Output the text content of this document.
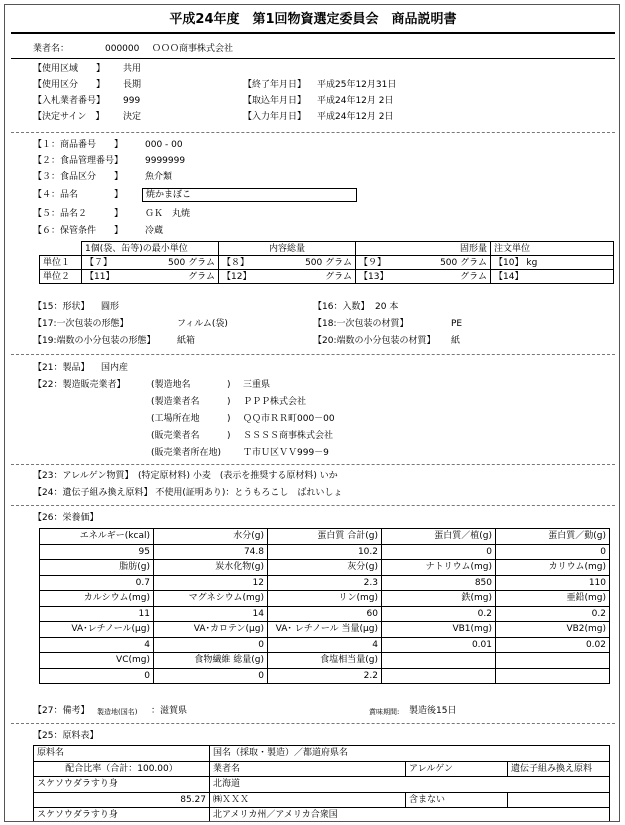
平成24年度　第1回物資選定委員会　商品説明書
業者名：	000000 ＯＯＯ商事株式会社
【使用区域　　】 共用
【使用区分　　】 長期
【入札業者番号】 999
【決定サイン　】 決定
【終了年月日】 平成25年12月31日
【取込年月日】 平成24年12月 2日
【入力年月日】 平成24年12月 2日
【１：商品番号　　】 000 - 00
【２：食品管理番号】 9999999
【３：食品区分　　】 魚介類
【４：品名　　　　】	焼かまぼこ
【５：品名２　　　】 ＧＫ　丸焼
【６：保管条件　　】 冷蔵
	1個(袋、缶等)の最小単位		内容総量		固形量		注文単位
単位１	【７】	500 グラム	【８】	500 グラム	【９】	500 グラム	【10】 kg
単位２	【11】	グラム	【12】	グラム	【13】	グラム	【14】
【15：形状】 圓形	【16：入数】 20 本
【17:一次包装の形態】	フィルム(袋)	【18:一次包装の材質】	PE
【19:端数の小分包装の形態】 紙箱	【20:端数の小分包装の材質】 紙
【21：製品】 国内産
【22：製造販売業者】	(製造地名	) 三重県
(製造業者名	) ＰＰＰ株式会社
(工場所在地	) ＱＱ市ＲＲ町000－00
(販売業者名	) ＳＳＳＳ商事株式会社
(販売業者所在地) Ｔ市Ｕ区ＶＶ999－9
【23：アレルゲン物質】　(特定原材料) 小麦　(表示を推奨する原材料) いか
【24：遺伝子組み換え原料】 不使用(証明あり)：とうもろこし　ばれいしょ
【26：栄養価】
エネルギー(kcal)	水分(g)	蛋白質 合計(g)	蛋白質／植(g)	蛋白質／動(g)
95	74.8	10.2	0	0
脂肪(g)	炭水化物(g)	灰分(g)	ナトリウム(mg)	カリウム(mg)
0.7	12	2.3	850	110
カルシウム(mg)	マグネシウム(mg)	リン(mg)	鉄(mg)	亜鉛(mg)
11	14	60	0.2	0.2
VA･レチノール(μg)	VA･カロテン(μg)	VA･ レチノール 当量(μg)	VB1(mg)	VB2(mg)
4	0	4	0.01	0.02
VC(mg)	食物繊維 総量(g)	食塩相当量(g)		
0	0	2.2		
【27：備考】 製造地(国名) ：滋賀県	賞味期間: 製造後15日
【25：原料表】
原料名	国名（採取・製造）／都道府県名		
配合比率（合計：100.00）	業者名	アレルゲン	遺伝子組み換え原料
スケソウダラすり身	北海道		
85.27	㈱ＸＸＸ	含まない	
スケソウダラすり身	北アメリカ州／アメリカ合衆国		
